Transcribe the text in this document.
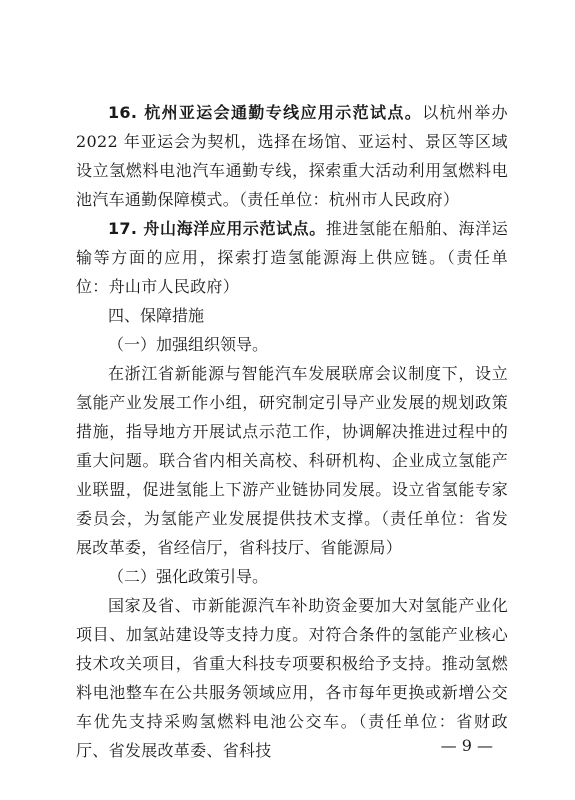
16. 杭州亚运会通勤专线应用示范试点。以杭州举办 2022 年亚运会为契机，选择在场馆、亚运村、景区等区域设立氢燃料电池汽车通勤专线，探索重大活动利用氢燃料电池汽车通勤保障模式。（责任单位：杭州市人民政府）

17. 舟山海洋应用示范试点。推进氢能在船舶、海洋运输等方面的应用，探索打造氢能源海上供应链。（责任单位：舟山市人民政府）

四、保障措施

（一）加强组织领导。

在浙江省新能源与智能汽车发展联席会议制度下，设立氢能产业发展工作小组，研究制定引导产业发展的规划政策措施，指导地方开展试点示范工作，协调解决推进过程中的重大问题。联合省内相关高校、科研机构、企业成立氢能产业联盟，促进氢能上下游产业链协同发展。设立省氢能专家委员会，为氢能产业发展提供技术支撑。（责任单位：省发展改革委，省经信厅，省科技厅、省能源局）

（二）强化政策引导。

国家及省、市新能源汽车补助资金要加大对氢能产业化项目、加氢站建设等支持力度。对符合条件的氢能产业核心技术攻关项目，省重大科技专项要积极给予支持。推动氢燃料电池整车在公共服务领域应用，各市每年更换或新增公交车优先支持采购氢燃料电池公交车。（责任单位：省财政厅、省发展改革委、省科技	— 9 —
